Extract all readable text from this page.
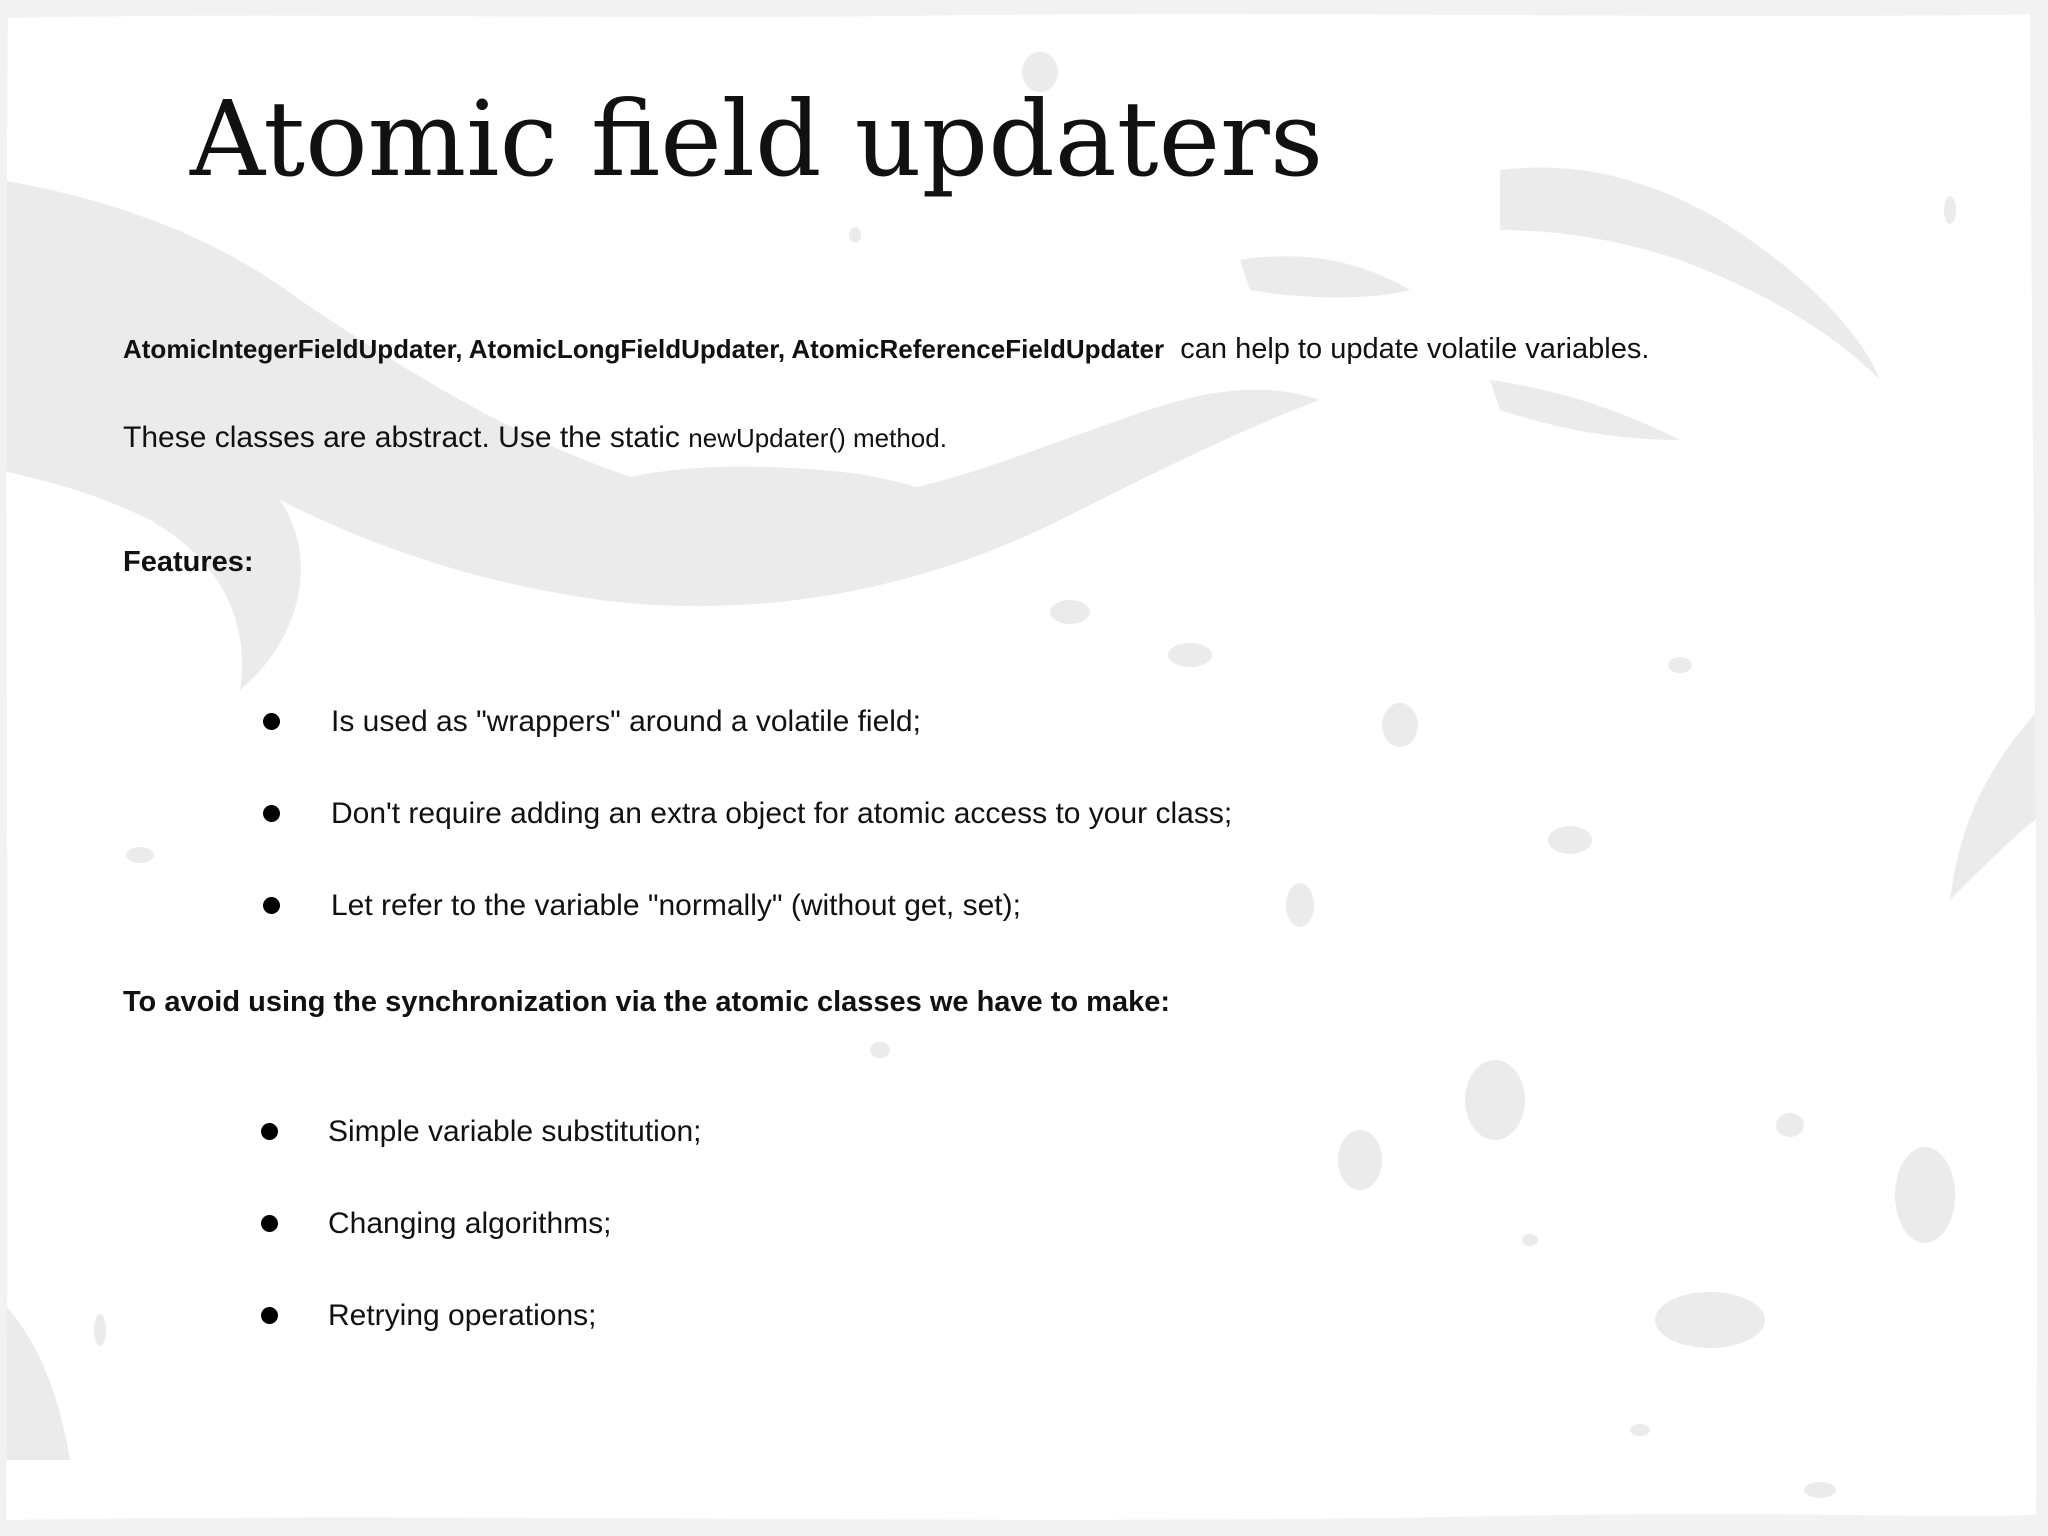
Atomic field updaters

AtomicIntegerFieldUpdater, AtomicLongFieldUpdater, AtomicReferenceFieldUpdater can help to update volatile variables.

These classes are abstract. Use the static newUpdater() method.

Features:

Is used as "wrappers" around a volatile field;
Don't require adding an extra object for atomic access to your class;
Let refer to the variable "normally" (without get, set);

To avoid using the synchronization via the atomic classes we have to make:

Simple variable substitution;
Changing algorithms;
Retrying operations;
